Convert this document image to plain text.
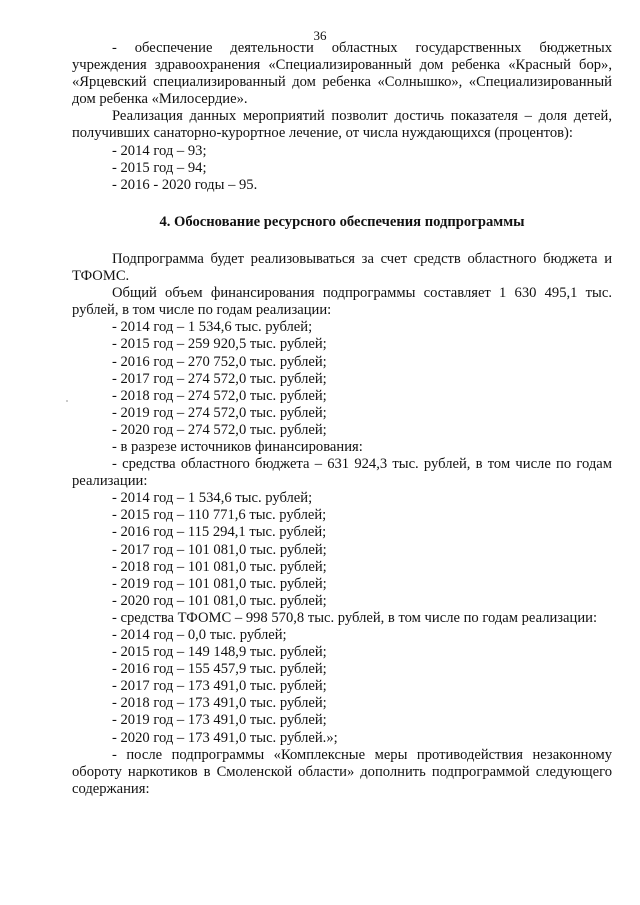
36

- обеспечение деятельности областных государственных бюджетных учреждения здравоохранения «Специализированный дом ребенка «Красный бор», «Ярцевский специализированный дом ребенка «Солнышко», «Специализированный дом ребенка «Милосердие».

Реализация данных мероприятий позволит достичь показателя – доля детей, получивших санаторно-курортное лечение, от числа нуждающихся (процентов):

- 2014 год – 93;

- 2015 год – 94;

- 2016 - 2020 годы – 95.

4. Обоснование ресурсного обеспечения подпрограммы

Подпрограмма будет реализовываться за счет средств областного бюджета и ТФОМС.

Общий объем финансирования подпрограммы составляет 1 630 495,1 тыс. рублей, в том числе по годам реализации:

- 2014 год – 1 534,6 тыс. рублей;

- 2015 год – 259 920,5 тыс. рублей;

- 2016 год – 270 752,0 тыс. рублей;

- 2017 год – 274 572,0 тыс. рублей;

- 2018 год – 274 572,0 тыс. рублей;

- 2019 год – 274 572,0 тыс. рублей;

- 2020 год – 274 572,0 тыс. рублей;

- в разрезе источников финансирования:

- средства областного бюджета – 631 924,3 тыс. рублей, в том числе по годам реализации:

- 2014 год – 1 534,6 тыс. рублей;

- 2015 год – 110 771,6 тыс. рублей;

- 2016 год – 115 294,1 тыс. рублей;

- 2017 год – 101 081,0 тыс. рублей;

- 2018 год – 101 081,0 тыс. рублей;

- 2019 год – 101 081,0 тыс. рублей;

- 2020 год – 101 081,0 тыс. рублей;

- средства ТФОМС – 998 570,8 тыс. рублей, в том числе по годам реализации:

- 2014 год – 0,0 тыс. рублей;

- 2015 год – 149 148,9 тыс. рублей;

- 2016 год – 155 457,9 тыс. рублей;

- 2017 год – 173 491,0 тыс. рублей;

- 2018 год – 173 491,0 тыс. рублей;

- 2019 год – 173 491,0 тыс. рублей;

- 2020 год – 173 491,0 тыс. рублей.»;

- после подпрограммы «Комплексные меры противодействия незаконному обороту наркотиков в Смоленской области» дополнить подпрограммой следующего содержания:
